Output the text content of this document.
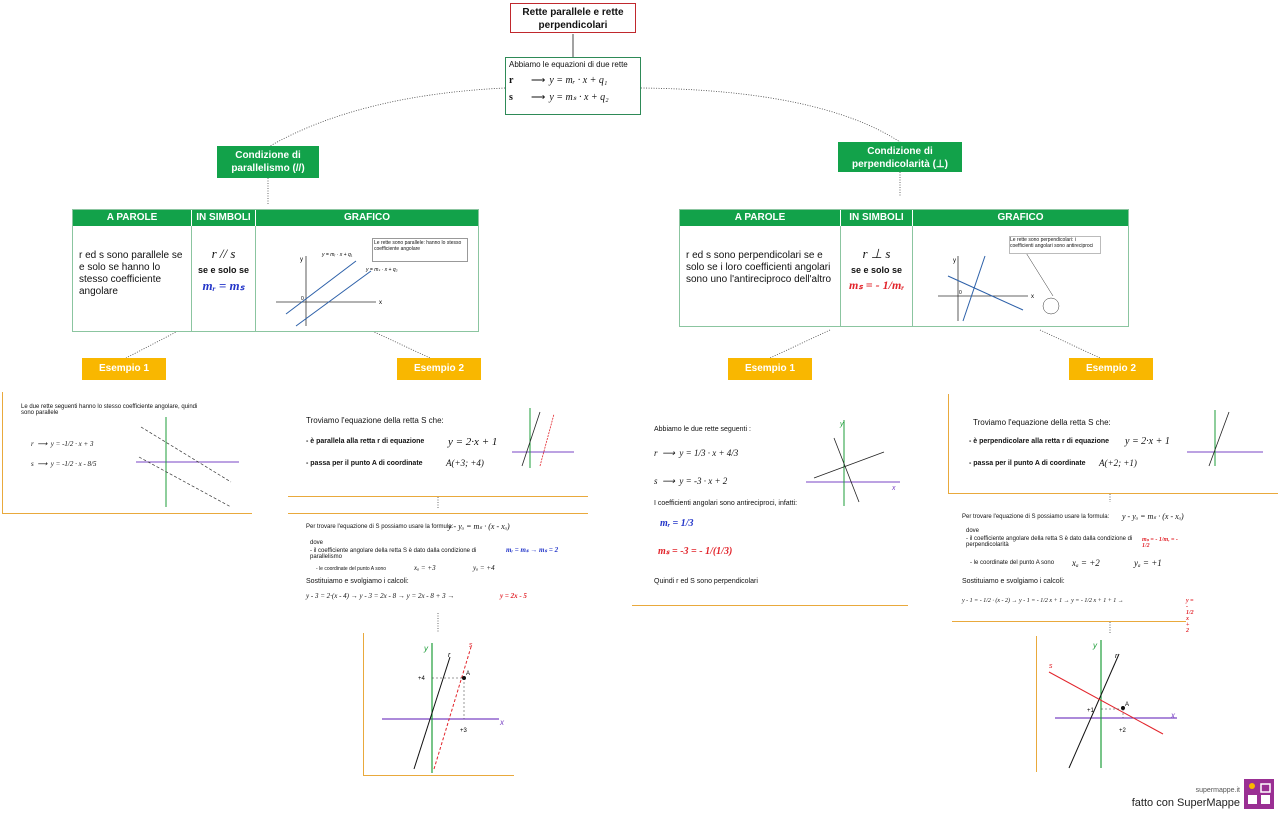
Rette parallele e rette perpendicolari
Abbiamo le equazioni di due rette
r	⟶ y = mᵣ · x + q₁
s	⟶ y = mₛ · x + q₂
Condizione di parallelismo (//)
A PAROLE	IN SIMBOLI	GRAFICO
r ed s sono parallele se e solo se hanno lo stesso coefficiente angolare
r // s
se e solo se
mᵣ = mₛ
x
y
0
y = mᵣ · x + q₁
y = mₛ · x + q₂
Le rette sono parallele: hanno lo stesso coefficiente angolare
Esempio 1	Esempio 2
Le due rette seguenti hanno lo stesso coefficiente angolare, quindi sono parallele
r  ⟶  y = -1/2 · x + 3
s  ⟶  y = -1/2 · x - 8/5
Troviamo l'equazione della retta S che:
- è parallela alla retta r di equazione y = 2·x + 1
- passa per il punto A di coordinate	A(+3; +4)
Per trovare l'equazione di S possiamo usare la formula:
y - yₐ = mₛ · (x - xₐ)
dove
- il coefficiente angolare della retta S è dato dalla condizione di parallelismo
mᵣ = mₛ → mₛ = 2
- le coordinate del punto A sono	xₐ = +3	yₐ = +4
Sostituiamo e svolgiamo i calcoli:
y - 3 = 2·(x - 4) → y - 3 = 2x - 8 → y = 2x - 8 + 3 →	y = 2x - 5
x
y
+4
+3
A
r
s
Condizione di perpendicolarità (⊥)
A PAROLE	IN SIMBOLI	GRAFICO
r ed s sono perpendicolari se e solo se i loro coefficienti angolari sono uno l'antireciproco dell'altro
r ⊥ s
se e solo se
mₛ = - 1/mᵣ
x
y
0
Le rette sono perpendicolari: i coefficienti angolari sono antireciproci
Esempio 1	Esempio 2
Abbiamo le due rette seguenti :
r  ⟶  y = 1/3 · x + 4/3
s  ⟶  y = -3 · x + 2
I coefficienti angolari sono antireciproci, infatti:
mᵣ = 1/3
mₛ = -3 = - 1/(1/3)
Quindi r ed S sono perpendicolari
x
y	Troviamo l'equazione della retta S che:
- è perpendicolare alla retta r di equazione y = 2·x + 1
- passa per il punto A di coordinate A(+2; +1)
Per trovare l'equazione di S possiamo usare la formula: y - yₐ = mₛ · (x - xₐ)
dove
- il coefficiente angolare della retta S è dato dalla condizione di perpendicolarità
mₛ = - 1/mᵣ = - 1/2
- le coordinate del punto A sono xₐ = +2	yₐ = +1
Sostituiamo e svolgiamo i calcoli:
y - 1 = - 1/2 · (x - 2) → y - 1 = - 1/2 x + 1 → y = - 1/2 x + 1 + 1 →	y = - 1/2 x + 2
x
y
+1
+2
A
r
s
supermappe.it
fatto con SuperMappe
